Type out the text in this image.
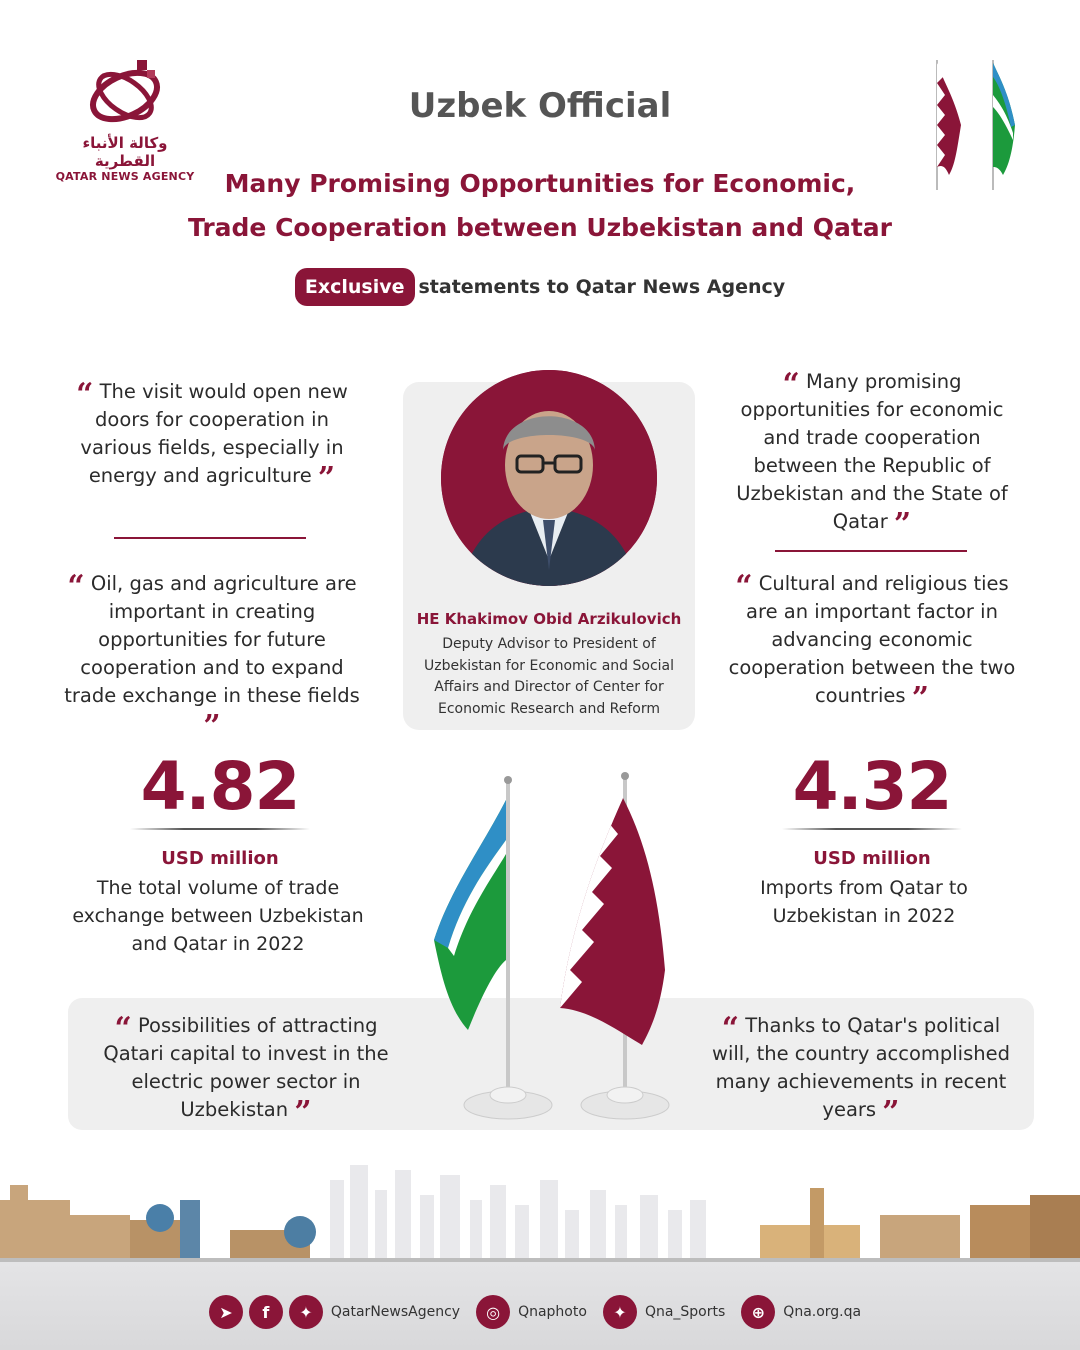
وكالة الأنباء القطرية
QATAR NEWS AGENCY
Uzbek Official
Many Promising Opportunities for Economic,
Trade Cooperation between Uzbekistan and Qatar
Exclusive statements to Qatar News Agency
“ The visit would open new doors for cooperation in various fields, especially in energy and agriculture ”
“ Oil, gas and agriculture are important in creating opportunities for future cooperation and to expand trade exchange in these fields ”
HE Khakimov Obid Arzikulovich
Deputy Advisor to President of Uzbekistan for Economic and Social Affairs and Director of Center for Economic Research and Reform
“ Many promising opportunities for economic and trade cooperation between the Republic of Uzbekistan and the State of Qatar ”
“ Cultural and religious ties are an important factor in advancing economic cooperation between the two countries ”
4.82
USD million
The total volume of trade exchange between Uzbekistan and Qatar in 2022
4.32
USD million
Imports from Qatar to Uzbekistan in 2022
“ Possibilities of attracting Qatari capital to invest in the electric power sector in Uzbekistan ”
“ Thanks to Qatar's political will, the country accomplished many achievements in recent years ”
➤	f	✦	QatarNewsAgency	◎	Qnaphoto	✦	Qna_Sports	⊕	Qna.org.qa
